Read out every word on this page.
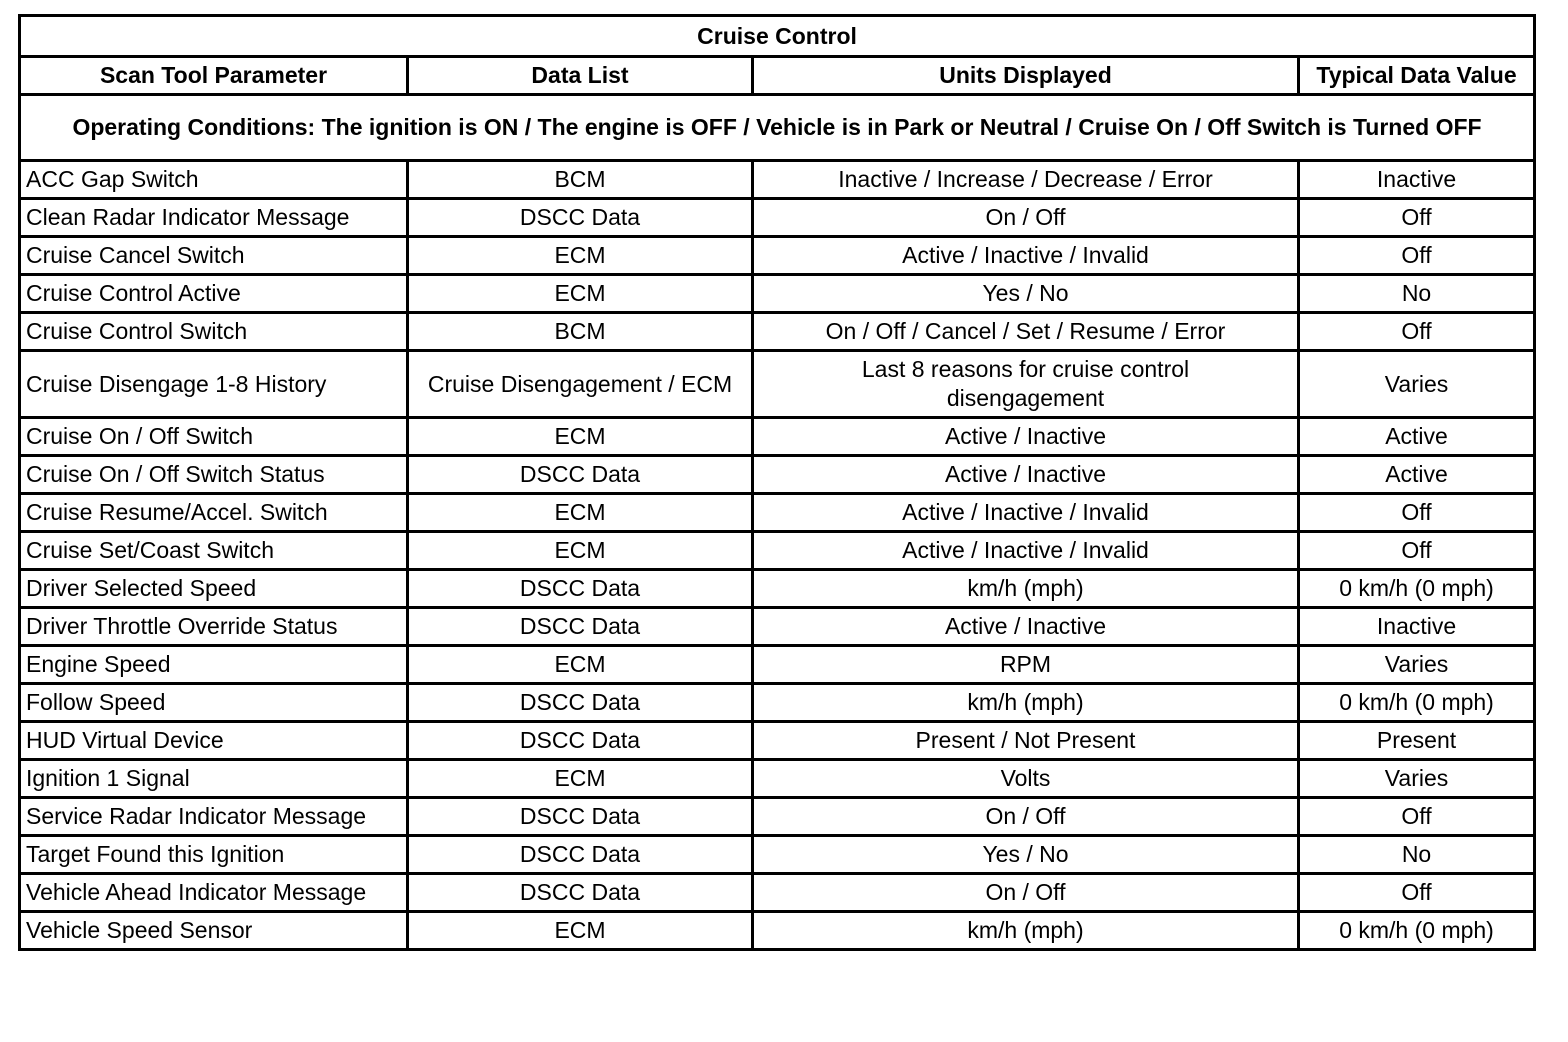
Cruise Control			
Scan Tool Parameter	Data List	Units Displayed	Typical Data Value
Operating Conditions: The ignition is ON / The engine is OFF / Vehicle is in Park or Neutral / Cruise On / Off Switch is Turned OFF			
ACC Gap Switch	BCM	Inactive / Increase / Decrease / Error	Inactive
Clean Radar Indicator Message	DSCC Data	On / Off	Off
Cruise Cancel Switch	ECM	Active / Inactive / Invalid	Off
Cruise Control Active	ECM	Yes / No	No
Cruise Control Switch	BCM	On / Off / Cancel / Set / Resume / Error	Off
Cruise Disengage 1-8 History	Cruise Disengagement / ECM	Last 8 reasons for cruise control disengagement	Varies
Cruise On / Off Switch	ECM	Active / Inactive	Active
Cruise On / Off Switch Status	DSCC Data	Active / Inactive	Active
Cruise Resume/Accel. Switch	ECM	Active / Inactive / Invalid	Off
Cruise Set/Coast Switch	ECM	Active / Inactive / Invalid	Off
Driver Selected Speed	DSCC Data	km/h (mph)	0 km/h (0 mph)
Driver Throttle Override Status	DSCC Data	Active / Inactive	Inactive
Engine Speed	ECM	RPM	Varies
Follow Speed	DSCC Data	km/h (mph)	0 km/h (0 mph)
HUD Virtual Device	DSCC Data	Present / Not Present	Present
Ignition 1 Signal	ECM	Volts	Varies
Service Radar Indicator Message	DSCC Data	On / Off	Off
Target Found this Ignition	DSCC Data	Yes / No	No
Vehicle Ahead Indicator Message	DSCC Data	On / Off	Off
Vehicle Speed Sensor	ECM	km/h (mph)	0 km/h (0 mph)
